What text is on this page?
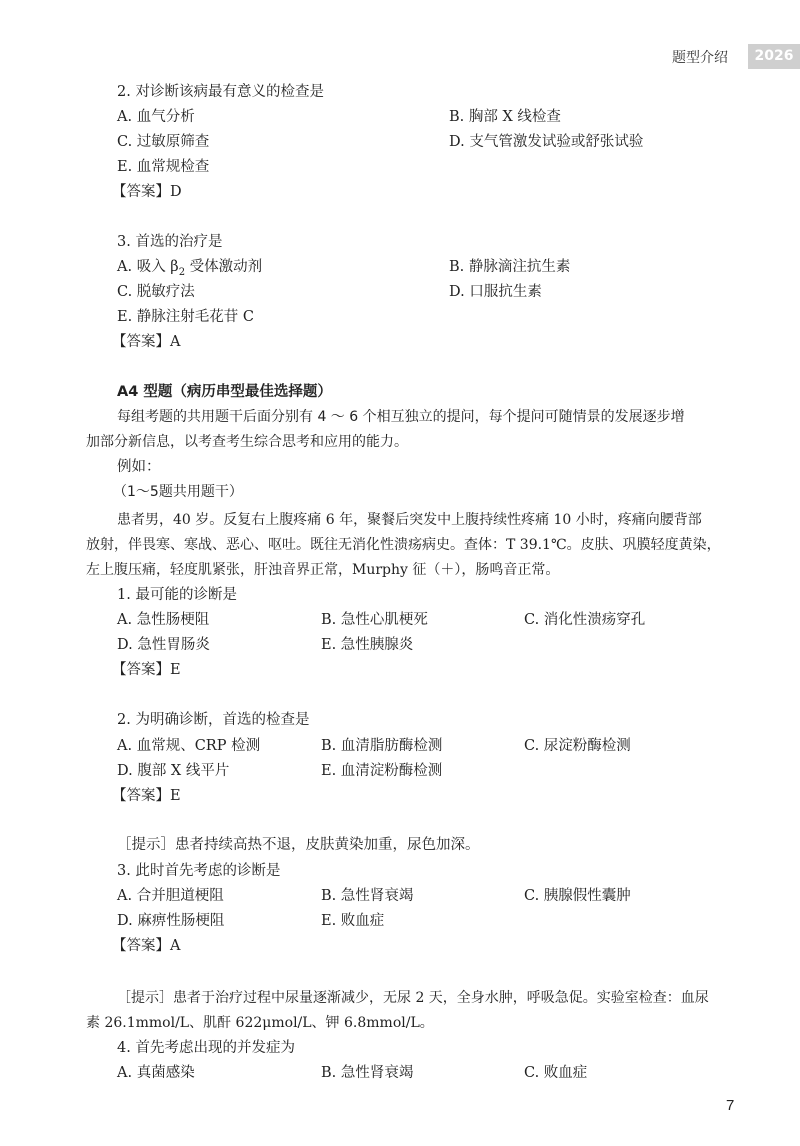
题型介绍	2026
2. 对诊断该病最有意义的检查是
A. 血气分析	B. 胸部 X 线检查
C. 过敏原筛查	D. 支气管激发试验或舒张试验
E. 血常规检查
【答案】D
3. 首选的治疗是
A. 吸入 $\beta_2$ 受体激动剂	B. 静脉滴注抗生素
C. 脱敏疗法	D. 口服抗生素
E. 静脉注射毛花苷 C
【答案】A
A4 型题（病历串型最佳选择题）
每组考题的共用题干后面分别有 4 ～ 6 个相互独立的提问，每个提问可随情景的发展逐步增
加部分新信息，以考查考生综合思考和应用的能力。
例如：
（1～5题共用题干）
患者男，40 岁。反复右上腹疼痛 6 年，聚餐后突发中上腹持续性疼痛 10 小时，疼痛向腰背部
放射，伴畏寒、寒战、恶心、呕吐。既往无消化性溃疡病史。查体：T 39.1℃。皮肤、巩膜轻度黄染，
左上腹压痛，轻度肌紧张，肝浊音界正常，Murphy 征（＋），肠鸣音正常。
1. 最可能的诊断是
A. 急性肠梗阻	B. 急性心肌梗死	C. 消化性溃疡穿孔
D. 急性胃肠炎	E. 急性胰腺炎
【答案】E
2. 为明确诊断，首选的检查是
A. 血常规、CRP 检测	B. 血清脂肪酶检测	C. 尿淀粉酶检测
D. 腹部 X 线平片	E. 血清淀粉酶检测
【答案】E
［提示］患者持续高热不退，皮肤黄染加重，尿色加深。
3. 此时首先考虑的诊断是
A. 合并胆道梗阻	B. 急性肾衰竭	C. 胰腺假性囊肿
D. 麻痹性肠梗阻	E. 败血症
【答案】A
［提示］患者于治疗过程中尿量逐渐减少，无尿 2 天，全身水肿，呼吸急促。实验室检查：血尿
素 26.1mmol/L、肌酐 622μmol/L、钾 6.8mmol/L。
4. 首先考虑出现的并发症为
A. 真菌感染	B. 急性肾衰竭	C. 败血症
7
